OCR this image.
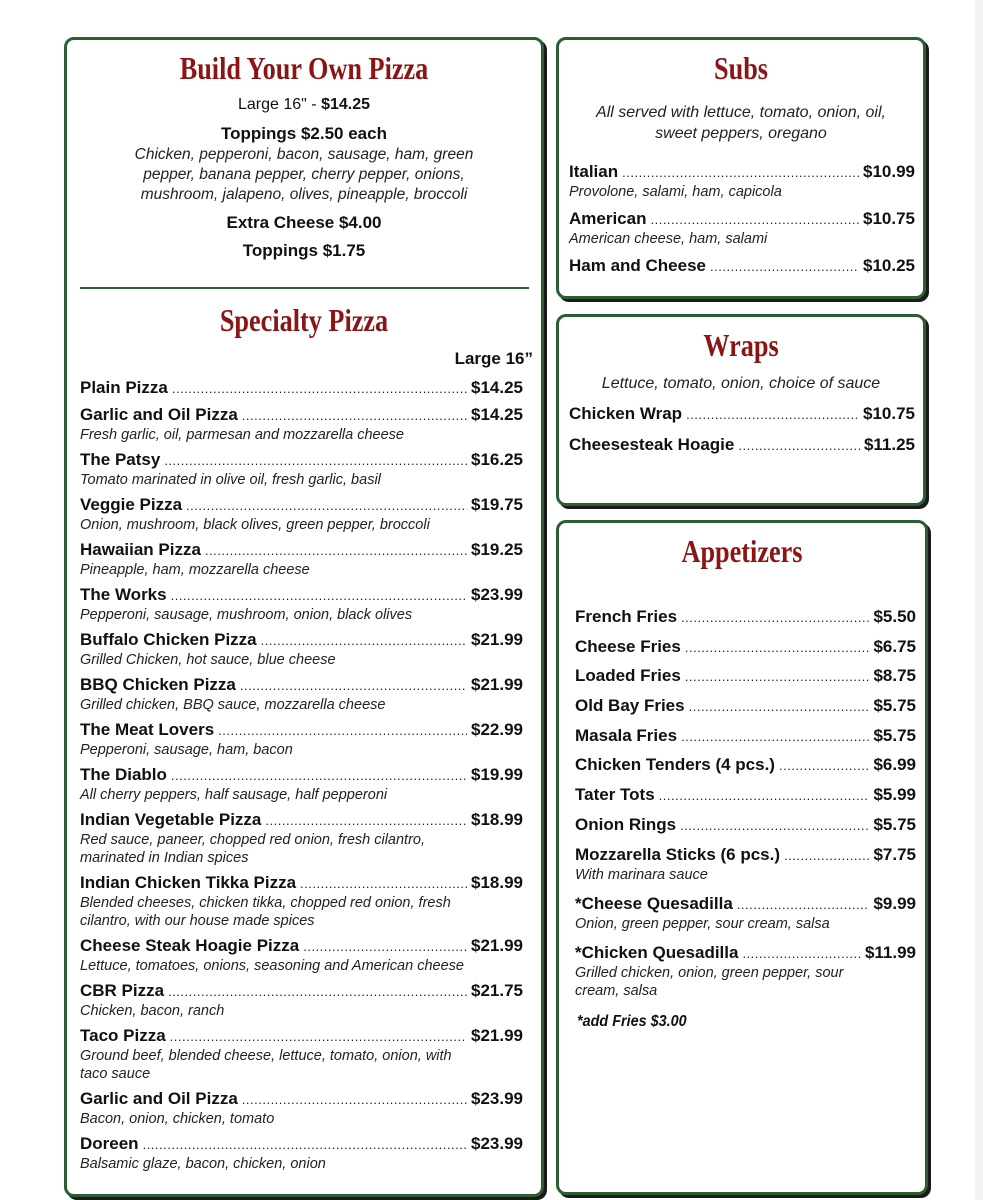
Build Your Own Pizza
Large 16" - $14.25
Toppings $2.50 each
Chicken, pepperoni, bacon, sausage, ham, green pepper, banana pepper, cherry pepper, onions, mushroom, jalapeno, olives, pineapple, broccoli
Extra Cheese $4.00
Toppings $1.75
Specialty Pizza
Large 16”
Plain Pizza .....	$14.25
Garlic and Oil Pizza .....	$14.25
Fresh garlic, oil, parmesan and mozzarella cheese
The Patsy .....	$16.25
Tomato marinated in olive oil, fresh garlic, basil
Veggie Pizza .....	$19.75
Onion, mushroom, black olives, green pepper, broccoli
Hawaiian Pizza .....	$19.25
Pineapple, ham, mozzarella cheese
The Works .....	$23.99
Pepperoni, sausage, mushroom, onion, black olives
Buffalo Chicken Pizza .....	$21.99
Grilled Chicken, hot sauce, blue cheese
BBQ Chicken Pizza .....	$21.99
Grilled chicken, BBQ sauce, mozzarella cheese
The Meat Lovers .....	$22.99
Pepperoni, sausage, ham, bacon
The Diablo .....	$19.99
All cherry peppers, half sausage, half pepperoni
Indian Vegetable Pizza .....	$18.99
Red sauce, paneer, chopped red onion, fresh cilantro, marinated in Indian spices
Indian Chicken Tikka Pizza .....	$18.99
Blended cheeses, chicken tikka, chopped red onion, fresh cilantro, with our house made spices
Cheese Steak Hoagie Pizza .....	$21.99
Lettuce, tomatoes, onions, seasoning and American cheese
CBR Pizza .....	$21.75
Chicken, bacon, ranch
Taco Pizza .....	$21.99
Ground beef, blended cheese, lettuce, tomato, onion, with taco sauce
Garlic and Oil Pizza .....	$23.99
Bacon, onion, chicken, tomato
Doreen .....	$23.99
Balsamic glaze, bacon, chicken, onion
Subs
All served with lettuce, tomato, onion, oil, sweet peppers, oregano
Italian .....	$10.99
Provolone, salami, ham, capicola
American .....	$10.75
American cheese, ham, salami
Ham and Cheese .....	$10.25
Wraps
Lettuce, tomato, onion, choice of sauce
Chicken Wrap .....	$10.75
Cheesesteak Hoagie .....	$11.25
Appetizers
French Fries .....	$5.50
Cheese Fries .....	$6.75
Loaded Fries .....	$8.75
Old Bay Fries .....	$5.75
Masala Fries .....	$5.75
Chicken Tenders (4 pcs.) .....	$6.99
Tater Tots .....	$5.99
Onion Rings .....	$5.75
Mozzarella Sticks (6 pcs.) .....	$7.75
With marinara sauce
*Cheese Quesadilla .....	$9.99
Onion, green pepper, sour cream, salsa
*Chicken Quesadilla .....	$11.99
Grilled chicken, onion, green pepper, sour cream, salsa
*add Fries $3.00
